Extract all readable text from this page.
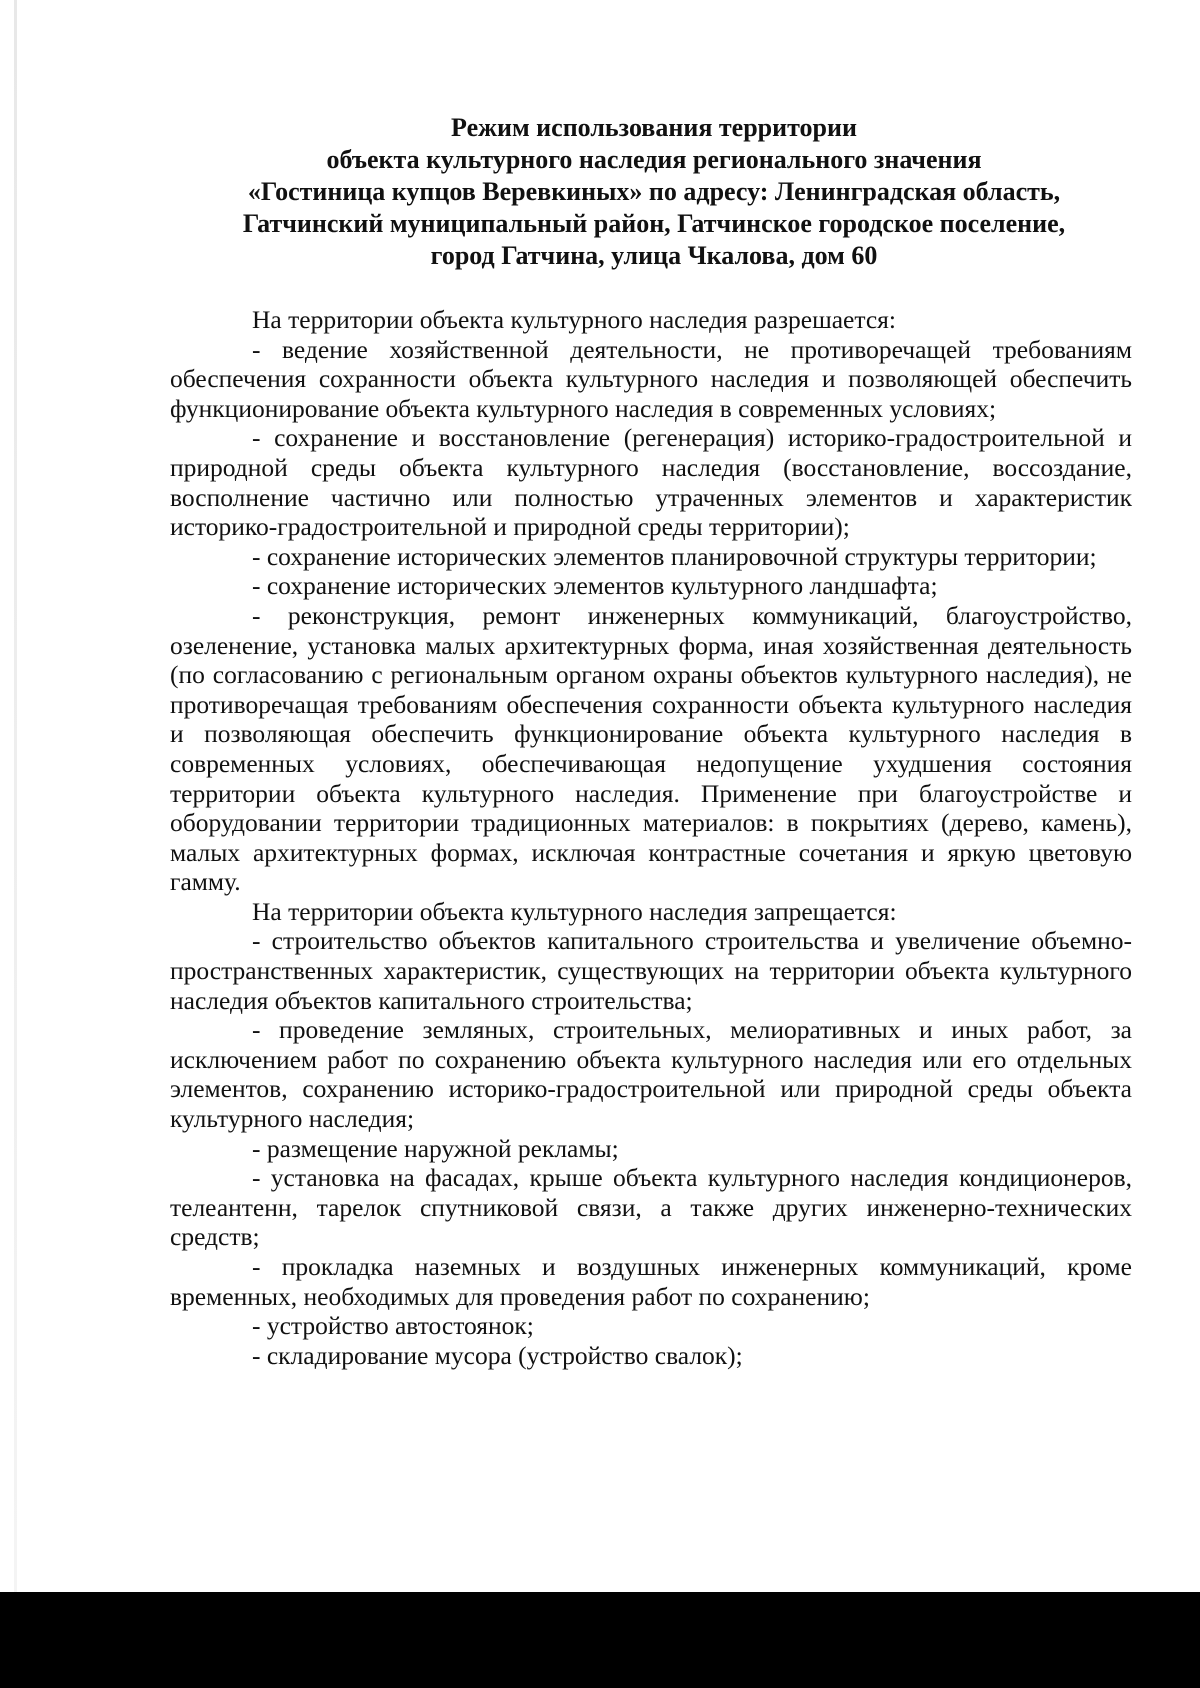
Режим использования территории
объекта культурного наследия регионального значения
«Гостиница купцов Веревкиных» по адресу: Ленинградская область,
Гатчинский муниципальный район, Гатчинское городское поселение,
город Гатчина, улица Чкалова, дом 60

На территории объекта культурного наследия разрешается:

- ведение хозяйственной деятельности, не противоречащей требованиям обеспечения сохранности объекта культурного наследия и позволяющей обеспечить функционирование объекта культурного наследия в современных условиях;

- сохранение и восстановление (регенерация) историко-градостроительной и природной среды объекта культурного наследия (восстановление, воссоздание, восполнение частично или полностью утраченных элементов и характеристик историко-градостроительной и природной среды территории);

- сохранение исторических элементов планировочной структуры территории;

- сохранение исторических элементов культурного ландшафта;

- реконструкция, ремонт инженерных коммуникаций, благоустройство, озеленение, установка малых архитектурных форма, иная хозяйственная деятельность (по согласованию с региональным органом охраны объектов культурного наследия), не противоречащая требованиям обеспечения сохранности объекта культурного наследия и позволяющая обеспечить функционирование объекта культурного наследия в современных условиях, обеспечивающая недопущение ухудшения состояния территории объекта культурного наследия. Применение при благоустройстве и оборудовании территории традиционных материалов: в покрытиях (дерево, камень), малых архитектурных формах, исключая контрастные сочетания и яркую цветовую гамму.

На территории объекта культурного наследия запрещается:

- строительство объектов капитального строительства и увеличение объемно-пространственных характеристик, существующих на территории объекта культурного наследия объектов капитального строительства;

- проведение земляных, строительных, мелиоративных и иных работ, за исключением работ по сохранению объекта культурного наследия или его отдельных элементов, сохранению историко-градостроительной или природной среды объекта культурного наследия;

- размещение наружной рекламы;

- установка на фасадах, крыше объекта культурного наследия кондиционеров, телеантенн, тарелок спутниковой связи, а также других инженерно-технических средств;

- прокладка наземных и воздушных инженерных коммуникаций, кроме временных, необходимых для проведения работ по сохранению;

- устройство автостоянок;

- складирование мусора (устройство свалок);
